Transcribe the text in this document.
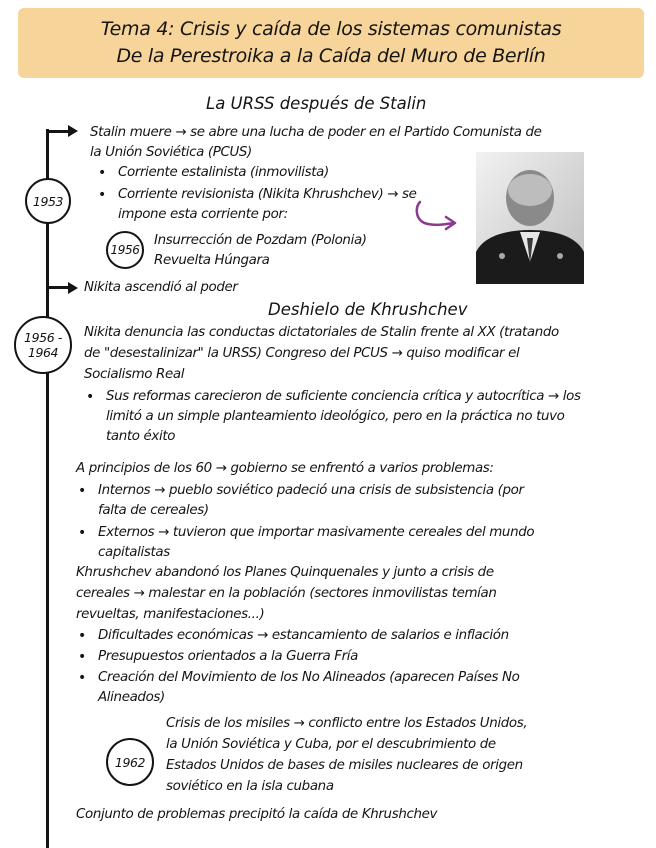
Tema 4: Crisis y caída de los sistemas comunistas
De la Perestroika a la Caída del Muro de Berlín
La URSS después de Stalin
1953
Stalin muere → se abre una lucha de poder en el Partido Comunista de
la Unión Soviética (PCUS)
• Corriente estalinista (inmovilista)
• Corriente revisionista (Nikita Khrushchev) → se
impone esta corriente por:
1956
Insurrección de Pozdam (Polonia)
Revuelta Húngara
Nikita ascendió al poder
Deshielo de Khrushchev
1956 -
1964
Nikita denuncia las conductas dictatoriales de Stalin frente al XX (tratando
de "desestalinizar" la URSS) Congreso del PCUS → quiso modificar el
Socialismo Real
• Sus reformas carecieron de suficiente conciencia crítica y autocrítica → los
limitó a un simple planteamiento ideológico, pero en la práctica no tuvo
tanto éxito
A principios de los 60 → gobierno se enfrentó a varios problemas:
• Internos → pueblo soviético padeció una crisis de subsistencia (por
falta de cereales)
• Externos → tuvieron que importar masivamente cereales del mundo
capitalistas
Khrushchev abandonó los Planes Quinquenales y junto a crisis de
cereales → malestar en la población (sectores inmovilistas temían
revueltas, manifestaciones...)
• Dificultades económicas → estancamiento de salarios e inflación
• Presupuestos orientados a la Guerra Fría
• Creación del Movimiento de los No Alineados (aparecen Países No
Alineados)
1962
Crisis de los misiles → conflicto entre los Estados Unidos,
la Unión Soviética y Cuba, por el descubrimiento de
Estados Unidos de bases de misiles nucleares de origen
soviético en la isla cubana
Conjunto de problemas precipitó la caída de Khrushchev
